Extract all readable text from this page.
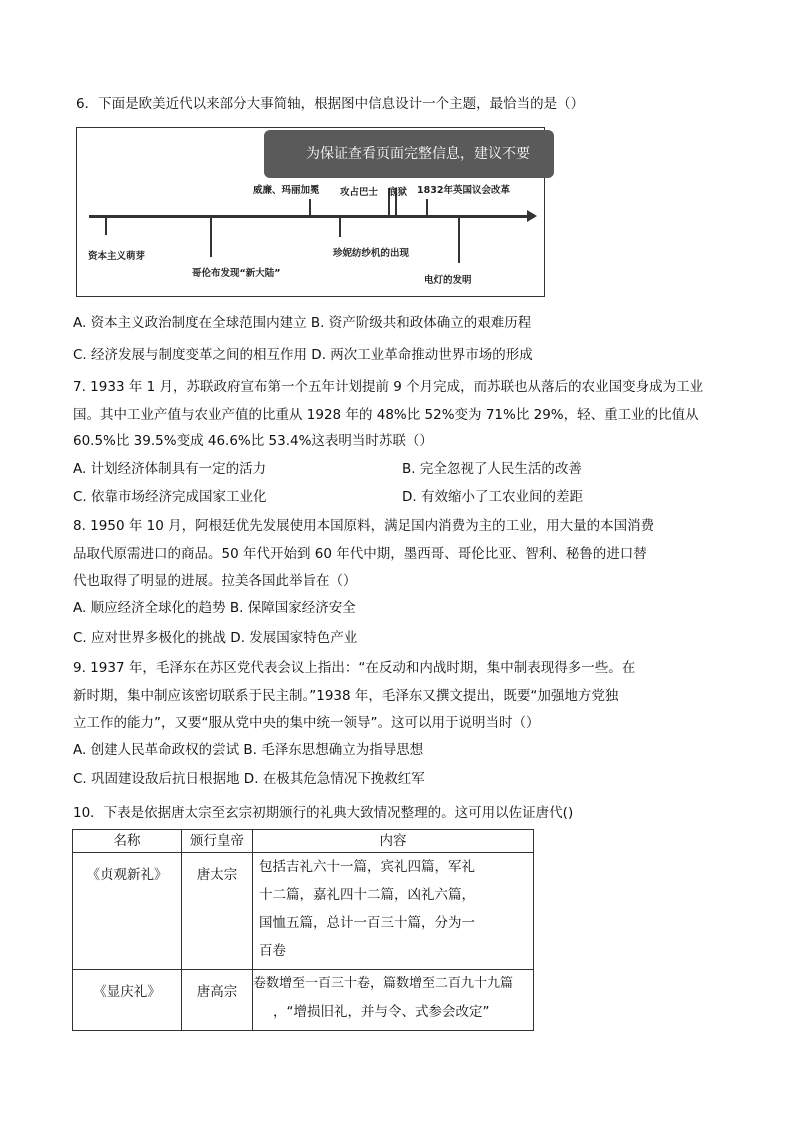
6．下面是欧美近代以来部分大事简轴，根据图中信息设计一个主题，最恰当的是（）
威廉、玛丽加冕 攻占巴士 底狱 1832年英国议会改革
资本主义萌芽
哥伦布发现“新大陆”
珍妮纺纱机的出现
电灯的发明
为保证查看页面完整信息，建议不要
A. 资本主义政治制度在全球范围内建立 B. 资产阶级共和政体确立的艰难历程
C. 经济发展与制度变革之间的相互作用 D. 两次工业革命推动世界市场的形成
7. 1933 年 1 月，苏联政府宣布第一个五年计划提前 9 个月完成，而苏联也从落后的农业国变身成为工业
国。其中工业产值与农业产值的比重从 1928 年的 48%比 52%变为 71%比 29%，轻、重工业的比值从
60.5%比 39.5%变成 46.6%比 53.4%这表明当时苏联（）
A. 计划经济体制具有一定的活力	B. 完全忽视了人民生活的改善
C. 依靠市场经济完成国家工业化	D. 有效缩小了工农业间的差距
8. 1950 年 10 月，阿根廷优先发展使用本国原料，满足国内消费为主的工业，用大量的本国消费
品取代原需进口的商品。50 年代开始到 60 年代中期，墨西哥、哥伦比亚、智利、秘鲁的进口替
代也取得了明显的进展。拉美各国此举旨在（）
A. 顺应经济全球化的趋势 B. 保障国家经济安全
C. 应对世界多极化的挑战 D. 发展国家特色产业
9. 1937 年，毛泽东在苏区党代表会议上指出：“在反动和内战时期，集中制表现得多一些。在
新时期，集中制应该密切联系于民主制。”1938 年，毛泽东又撰文提出，既要“加强地方党独
立工作的能力”，又要“服从党中央的集中统一领导”。这可以用于说明当时（）
A. 创建人民革命政权的尝试 B. 毛泽东思想确立为指导思想
C. 巩固建设敌后抗日根据地 D. 在极其危急情况下挽救红军
10．下表是依据唐太宗至玄宗初期颁行的礼典大致情况整理的。这可用以佐证唐代()
名称	颁行皇帝	内容
《贞观新礼》	唐太宗	包括吉礼六十一篇，宾礼四篇，军礼
十二篇，嘉礼四十二篇，凶礼六篇，
国恤五篇，总计一百三十篇，分为一
百卷

《显庆礼》	唐高宗	卷数增至一百三十卷，篇数增至二百九十九篇
，“增损旧礼，并与令、式参会改定”
